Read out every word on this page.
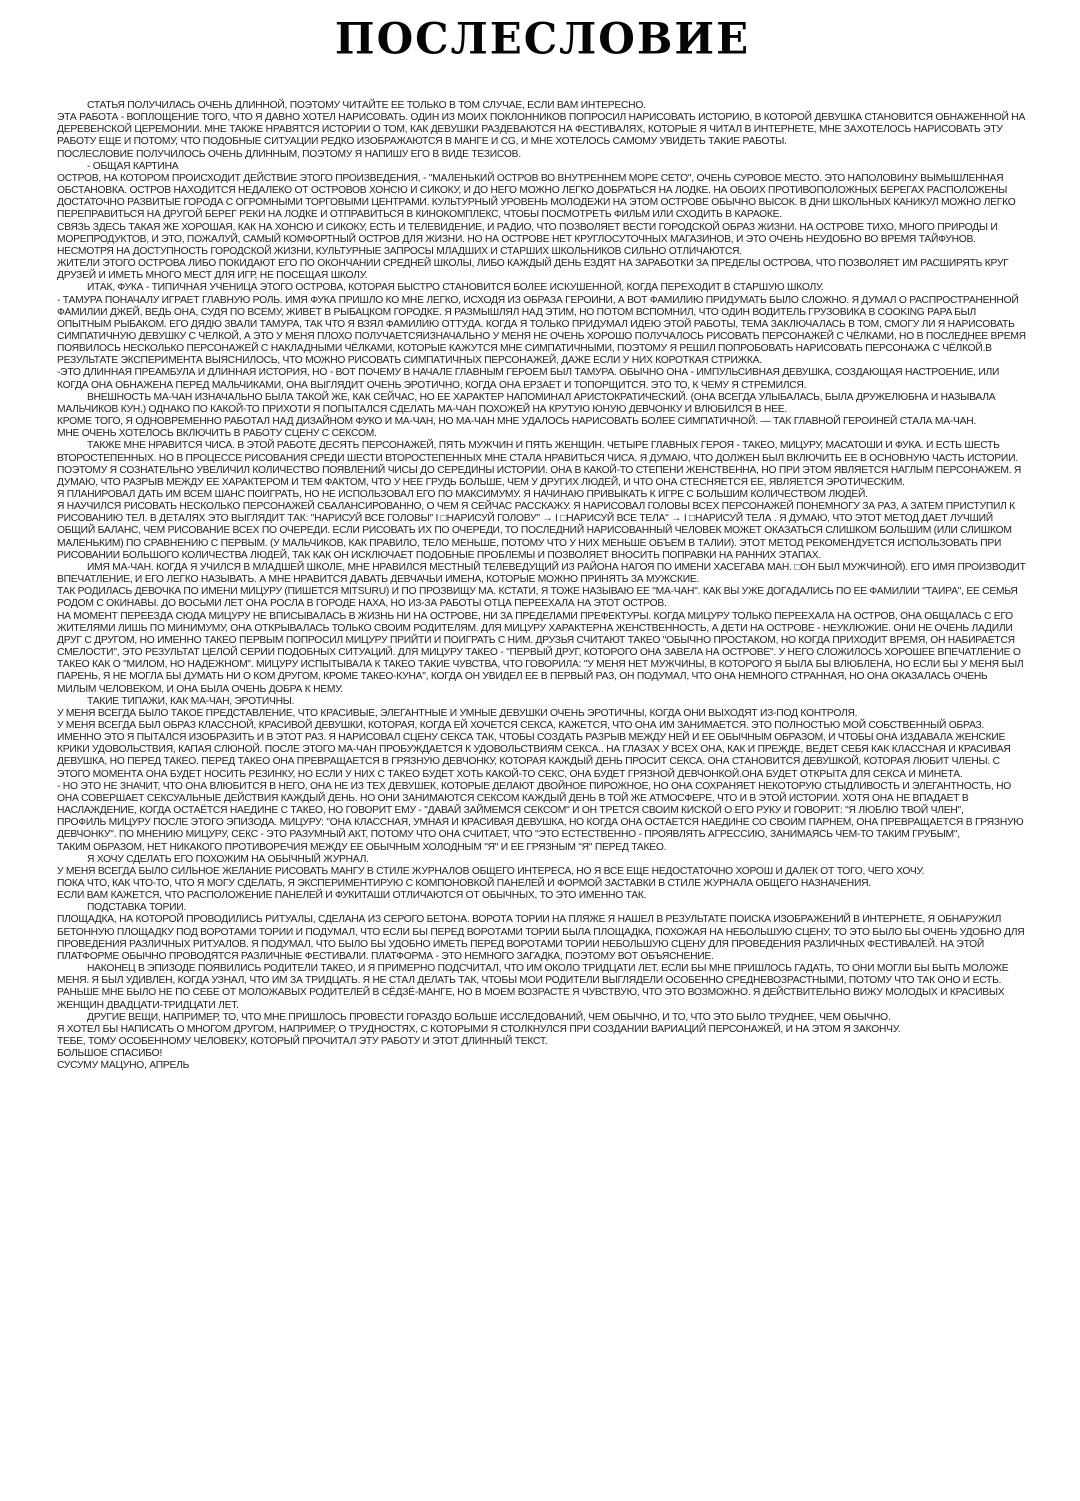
ПОСЛЕСЛОВИЕ
СТАТЬЯ ПОЛУЧИЛАСЬ ОЧЕНЬ ДЛИННОЙ, ПОЭТОМУ ЧИТАЙТЕ ЕЕ ТОЛЬКО В ТОМ СЛУЧАЕ, ЕСЛИ ВАМ ИНТЕРЕСНО.
ЭТА РАБОТА - ВОПЛОЩЕНИЕ ТОГО, ЧТО Я ДАВНО ХОТЕЛ НАРИСОВАТЬ. ОДИН ИЗ МОИХ ПОКЛОННИКОВ ПОПРОСИЛ НАРИСОВАТЬ ИСТОРИЮ, В КОТОРОЙ ДЕВУШКА СТАНОВИТСЯ ОБНАЖЕННОЙ НА ДЕРЕВЕНСКОЙ ЦЕРЕМОНИИ. МНЕ ТАКЖЕ НРАВЯТСЯ ИСТОРИИ О ТОМ, КАК ДЕВУШКИ РАЗДЕВАЮТСЯ НА ФЕСТИВАЛЯХ, КОТОРЫЕ Я ЧИТАЛ В ИНТЕРНЕТЕ, МНЕ ЗАХОТЕЛОСЬ НАРИСОВАТЬ ЭТУ РАБОТУ ЕЩЕ И ПОТОМУ, ЧТО ПОДОБНЫЕ СИТУАЦИИ РЕДКО ИЗОБРАЖАЮТСЯ В МАНГЕ И CG, И МНЕ ХОТЕЛОСЬ САМОМУ УВИДЕТЬ ТАКИЕ РАБОТЫ.
ПОСЛЕСЛОВИЕ ПОЛУЧИЛОСЬ ОЧЕНЬ ДЛИННЫМ, ПОЭТОМУ Я НАПИШУ ЕГО В ВИДЕ ТЕЗИСОВ.
- ОБЩАЯ КАРТИНА
ОСТРОВ, НА КОТОРОМ ПРОИСХОДИТ ДЕЙСТВИЕ ЭТОГО ПРОИЗВЕДЕНИЯ, - "МАЛЕНЬКИЙ ОСТРОВ ВО ВНУТРЕННЕМ МОРЕ СЕТО", ОЧЕНЬ СУРОВОЕ МЕСТО. ЭТО НАПОЛОВИНУ ВЫМЫШЛЕННАЯ ОБСТАНОВКА. ОСТРОВ НАХОДИТСЯ НЕДАЛЕКО ОТ ОСТРОВОВ ХОНСЮ И СИКОКУ, И ДО НЕГО МОЖНО ЛЕГКО ДОБРАТЬСЯ НА ЛОДКЕ. НА ОБОИХ ПРОТИВОПОЛОЖНЫХ БЕРЕГАХ РАСПОЛОЖЕНЫ ДОСТАТОЧНО РАЗВИТЫЕ ГОРОДА С ОГРОМНЫМИ ТОРГОВЫМИ ЦЕНТРАМИ. КУЛЬТУРНЫЙ УРОВЕНЬ МОЛОДЕЖИ НА ЭТОМ ОСТРОВЕ ОБЫЧНО ВЫСОК. В ДНИ ШКОЛЬНЫХ КАНИКУЛ МОЖНО ЛЕГКО ПЕРЕПРАВИТЬСЯ НА ДРУГОЙ БЕРЕГ РЕКИ НА ЛОДКЕ И ОТПРАВИТЬСЯ В КИНОКОМПЛЕКС, ЧТОБЫ ПОСМОТРЕТЬ ФИЛЬМ ИЛИ СХОДИТЬ В КАРАОКЕ.
СВЯЗЬ ЗДЕСЬ ТАКАЯ ЖЕ ХОРОШАЯ, КАК НА ХОНСЮ И СИКОКУ, ЕСТЬ И ТЕЛЕВИДЕНИЕ, И РАДИО, ЧТО ПОЗВОЛЯЕТ ВЕСТИ ГОРОДСКОЙ ОБРАЗ ЖИЗНИ. НА ОСТРОВЕ ТИХО, МНОГО ПРИРОДЫ И МОРЕПРОДУКТОВ, И ЭТО, ПОЖАЛУЙ, САМЫЙ КОМФОРТНЫЙ ОСТРОВ ДЛЯ ЖИЗНИ. НО НА ОСТРОВЕ НЕТ КРУГЛОСУТОЧНЫХ МАГАЗИНОВ, И ЭТО ОЧЕНЬ НЕУДОБНО ВО ВРЕМЯ ТАЙФУНОВ.
НЕСМОТРЯ НА ДОСТУПНОСТЬ ГОРОДСКОЙ ЖИЗНИ, КУЛЬТУРНЫЕ ЗАПРОСЫ МЛАДШИХ И СТАРШИХ ШКОЛЬНИКОВ СИЛЬНО ОТЛИЧАЮТСЯ.
ЖИТЕЛИ ЭТОГО ОСТРОВА ЛИБО ПОКИДАЮТ ЕГО ПО ОКОНЧАНИИ СРЕДНЕЙ ШКОЛЫ, ЛИБО КАЖДЫЙ ДЕНЬ ЕЗДЯТ НА ЗАРАБОТКИ ЗА ПРЕДЕЛЫ ОСТРОВА, ЧТО ПОЗВОЛЯЕТ ИМ РАСШИРЯТЬ КРУГ ДРУЗЕЙ И ИМЕТЬ МНОГО МЕСТ ДЛЯ ИГР, НЕ ПОСЕЩАЯ ШКОЛУ.
ИТАК, ФУКА - ТИПИЧНАЯ УЧЕНИЦА ЭТОГО ОСТРОВА, КОТОРАЯ БЫСТРО СТАНОВИТСЯ БОЛЕЕ ИСКУШЕННОЙ, КОГДА ПЕРЕХОДИТ В СТАРШУЮ ШКОЛУ.
- ТАМУРА ПОНАЧАЛУ ИГРАЕТ ГЛАВНУЮ РОЛЬ. ИМЯ ФУКА ПРИШЛО КО МНЕ ЛЕГКО, ИСХОДЯ ИЗ ОБРАЗА ГЕРОИНИ, А ВОТ ФАМИЛИЮ ПРИДУМАТЬ БЫЛО СЛОЖНО. Я ДУМАЛ О РАСПРОСТРАНЕННОЙ ФАМИЛИИ ДЖЕЙ, ВЕДЬ ОНА, СУДЯ ПО ВСЕМУ, ЖИВЕТ В РЫБАЦКОМ ГОРОДКЕ. Я РАЗМЫШЛЯЛ НАД ЭТИМ, НО ПОТОМ ВСПОМНИЛ, ЧТО ОДИН ВОДИТЕЛЬ ГРУЗОВИКА В COOKING PAPA БЫЛ ОПЫТНЫМ РЫБАКОМ. ЕГО ДЯДЮ ЗВАЛИ ТАМУРА, ТАК ЧТО Я ВЗЯЛ ФАМИЛИЮ ОТТУДА. КОГДА Я ТОЛЬКО ПРИДУМАЛ ИДЕЮ ЭТОЙ РАБОТЫ, ТЕМА ЗАКЛЮЧАЛАСЬ В ТОМ, СМОГУ ЛИ Я НАРИСОВАТЬ СИМПАТИЧНУЮ ДЕВУШКУ С ЧЕЛКОЙ, А ЭТО У МЕНЯ ПЛОХО ПОЛУЧАЕТСЯИЗНАЧАЛЬНО У МЕНЯ НЕ ОЧЕНЬ ХОРОШО ПОЛУЧАЛОСЬ РИСОВАТЬ ПЕРСОНАЖЕЙ С ЧЁЛКАМИ, НО В ПОСЛЕДНЕЕ ВРЕМЯ ПОЯВИЛОСЬ НЕСКОЛЬКО ПЕРСОНАЖЕЙ С НАКЛАДНЫМИ ЧЁЛКАМИ, КОТОРЫЕ КАЖУТСЯ МНЕ СИМПАТИЧНЫМИ, ПОЭТОМУ Я РЕШИЛ ПОПРОБОВАТЬ НАРИСОВАТЬ ПЕРСОНАЖА С ЧЁЛКОЙ.В РЕЗУЛЬТАТЕ ЭКСПЕРИМЕНТА ВЫЯСНИЛОСЬ, ЧТО МОЖНО РИСОВАТЬ СИМПАТИЧНЫХ ПЕРСОНАЖЕЙ, ДАЖЕ ЕСЛИ У НИХ КОРОТКАЯ СТРИЖКА.
-ЭТО ДЛИННАЯ ПРЕАМБУЛА И ДЛИННАЯ ИСТОРИЯ, НО - ВОТ ПОЧЕМУ В НАЧАЛЕ ГЛАВНЫМ ГЕРОЕМ БЫЛ ТАМУРА. ОБЫЧНО ОНА - ИМПУЛЬСИВНАЯ ДЕВУШКА, СОЗДАЮЩАЯ НАСТРОЕНИЕ, ИЛИ КОГДА ОНА ОБНАЖЕНА ПЕРЕД МАЛЬЧИКАМИ, ОНА ВЫГЛЯДИТ ОЧЕНЬ ЭРОТИЧНО, КОГДА ОНА ЕРЗАЕТ И ТОПОРЩИТСЯ. ЭТО ТО, К ЧЕМУ Я СТРЕМИЛСЯ.
ВНЕШНОСТЬ МА-ЧАН ИЗНАЧАЛЬНО БЫЛА ТАКОЙ ЖЕ, КАК СЕЙЧАС, НО ЕЕ ХАРАКТЕР НАПОМИНАЛ АРИСТОКРАТИЧЕСКИЙ. (ОНА ВСЕГДА УЛЫБАЛАСЬ, БЫЛА ДРУЖЕЛЮБНА И НАЗЫВАЛА МАЛЬЧИКОВ КУН.) ОДНАКО ПО КАКОЙ-ТО ПРИХОТИ Я ПОПЫТАЛСЯ СДЕЛАТЬ МА-ЧАН ПОХОЖЕЙ НА КРУТУЮ ЮНУЮ ДЕВЧОНКУ И ВЛЮБИЛСЯ В НЕЕ.
КРОМЕ ТОГО, Я ОДНОВРЕМЕННО РАБОТАЛ НАД ДИЗАЙНОМ ФУКО И МА-ЧАН, НО МА-ЧАН МНЕ УДАЛОСЬ НАРИСОВАТЬ БОЛЕЕ СИМПАТИЧНОЙ. — ТАК ГЛАВНОЙ ГЕРОИНЕЙ СТАЛА МА-ЧАН.
МНЕ ОЧЕНЬ ХОТЕЛОСЬ ВКЛЮЧИТЬ В РАБОТУ СЦЕНУ С СЕКСОМ.
ТАКЖЕ МНЕ НРАВИТСЯ ЧИСА. В ЭТОЙ РАБОТЕ ДЕСЯТЬ ПЕРСОНАЖЕЙ, ПЯТЬ МУЖЧИН И ПЯТЬ ЖЕНЩИН. ЧЕТЫРЕ ГЛАВНЫХ ГЕРОЯ - ТАКЕО, МИЦУРУ, МАСАТОШИ И ФУКА. И ЕСТЬ ШЕСТЬ ВТОРОСТЕПЕННЫХ. НО В ПРОЦЕССЕ РИСОВАНИЯ СРЕДИ ШЕСТИ ВТОРОСТЕПЕННЫХ МНЕ СТАЛА НРАВИТЬСЯ ЧИСА. Я ДУМАЮ, ЧТО ДОЛЖЕН БЫЛ ВКЛЮЧИТЬ ЕЕ В ОСНОВНУЮ ЧАСТЬ ИСТОРИИ.
ПОЭТОМУ Я СОЗНАТЕЛЬНО УВЕЛИЧИЛ КОЛИЧЕСТВО ПОЯВЛЕНИЙ ЧИСЫ ДО СЕРЕДИНЫ ИСТОРИИ. ОНА В КАКОЙ-ТО СТЕПЕНИ ЖЕНСТВЕННА, НО ПРИ ЭТОМ ЯВЛЯЕТСЯ НАГЛЫМ ПЕРСОНАЖЕМ. Я ДУМАЮ, ЧТО РАЗРЫВ МЕЖДУ ЕЕ ХАРАКТЕРОМ И ТЕМ ФАКТОМ, ЧТО У НЕЕ ГРУДЬ БОЛЬШЕ, ЧЕМ У ДРУГИХ ЛЮДЕЙ, И ЧТО ОНА СТЕСНЯЕТСЯ ЕЕ, ЯВЛЯЕТСЯ ЭРОТИЧЕСКИМ.
Я ПЛАНИРОВАЛ ДАТЬ ИМ ВСЕМ ШАНС ПОИГРАТЬ, НО НЕ ИСПОЛЬЗОВАЛ ЕГО ПО МАКСИМУМУ. Я НАЧИНАЮ ПРИВЫКАТЬ К ИГРЕ С БОЛЬШИМ КОЛИЧЕСТВОМ ЛЮДЕЙ.
Я НАУЧИЛСЯ РИСОВАТЬ НЕСКОЛЬКО ПЕРСОНАЖЕЙ СБАЛАНСИРОВАННО, О ЧЕМ Я СЕЙЧАС РАССКАЖУ. Я НАРИСОВАЛ ГОЛОВЫ ВСЕХ ПЕРСОНАЖЕЙ ПОНЕМНОГУ ЗА РАЗ, А ЗАТЕМ ПРИСТУПИЛ К РИСОВАНИЮ ТЕЛ. В ДЕТАЛЯХ ЭТО ВЫГЛЯДИТ ТАК: "НАРИСУЙ ВСЕ ГОЛОВЫ" I □НАРИСУЙ ГОЛОВУ" → I □НАРИСУЙ ВСЕ ТЕЛА" → I □НАРИСУЙ ТЕЛА . Я ДУМАЮ, ЧТО ЭТОТ МЕТОД ДАЕТ ЛУЧШИЙ ОБЩИЙ БАЛАНС, ЧЕМ РИСОВАНИЕ ВСЕХ ПО ОЧЕРЕДИ. ЕСЛИ РИСОВАТЬ ИХ ПО ОЧЕРЕДИ, ТО ПОСЛЕДНИЙ НАРИСОВАННЫЙ ЧЕЛОВЕК МОЖЕТ ОКАЗАТЬСЯ СЛИШКОМ БОЛЬШИМ (ИЛИ СЛИШКОМ МАЛЕНЬКИМ) ПО СРАВНЕНИЮ С ПЕРВЫМ. (У МАЛЬЧИКОВ, КАК ПРАВИЛО, ТЕЛО МЕНЬШЕ, ПОТОМУ ЧТО У НИХ МЕНЬШЕ ОБЪЕМ В ТАЛИИ). ЭТОТ МЕТОД РЕКОМЕНДУЕТСЯ ИСПОЛЬЗОВАТЬ ПРИ РИСОВАНИИ БОЛЬШОГО КОЛИЧЕСТВА ЛЮДЕЙ, ТАК КАК ОН ИСКЛЮЧАЕТ ПОДОБНЫЕ ПРОБЛЕМЫ И ПОЗВОЛЯЕТ ВНОСИТЬ ПОПРАВКИ НА РАННИХ ЭТАПАХ.
ИМЯ МА-ЧАН. КОГДА Я УЧИЛСЯ В МЛАДШЕЙ ШКОЛЕ, МНЕ НРАВИЛСЯ МЕСТНЫЙ ТЕЛЕВЕДУЩИЙ ИЗ РАЙОНА НАГОЯ ПО ИМЕНИ ХАСЕГАВА МАН. □ОН БЫЛ МУЖЧИНОЙ). ЕГО ИМЯ ПРОИЗВОДИТ ВПЕЧАТЛЕНИЕ, И ЕГО ЛЕГКО НАЗЫВАТЬ. А МНЕ НРАВИТСЯ ДАВАТЬ ДЕВЧАЧЬИ ИМЕНА, КОТОРЫЕ МОЖНО ПРИНЯТЬ ЗА МУЖСКИЕ.
ТАК РОДИЛАСЬ ДЕВОЧКА ПО ИМЕНИ МИЦУРУ (ПИШЕТСЯ MITSURU) И ПО ПРОЗВИЩУ МА. КСТАТИ, Я ТОЖЕ НАЗЫВАЮ ЕЕ "МА-ЧАН". КАК ВЫ УЖЕ ДОГАДАЛИСЬ ПО ЕЕ ФАМИЛИИ "ТАИРА", ЕЕ СЕМЬЯ РОДОМ С ОКИНАВЫ. ДО ВОСЬМИ ЛЕТ ОНА РОСЛА В ГОРОДЕ НАХА, НО ИЗ-ЗА РАБОТЫ ОТЦА ПЕРЕЕХАЛА НА ЭТОТ ОСТРОВ.
НА МОМЕНТ ПЕРЕЕЗДА СЮДА МИЦУРУ НЕ ВПИСЫВАЛАСЬ В ЖИЗНЬ НИ НА ОСТРОВЕ, НИ ЗА ПРЕДЕЛАМИ ПРЕФЕКТУРЫ. КОГДА МИЦУРУ ТОЛЬКО ПЕРЕЕХАЛА НА ОСТРОВ, ОНА ОБЩАЛАСЬ С ЕГО ЖИТЕЛЯМИ ЛИШЬ ПО МИНИМУМУ, ОНА ОТКРЫВАЛАСЬ ТОЛЬКО СВОИМ РОДИТЕЛЯМ. ДЛЯ МИЦУРУ ХАРАКТЕРНА ЖЕНСТВЕННОСТЬ, А ДЕТИ НА ОСТРОВЕ - НЕУКЛЮЖИЕ. ОНИ НЕ ОЧЕНЬ ЛАДИЛИ ДРУГ С ДРУГОМ, НО ИМЕННО ТАКЕО ПЕРВЫМ ПОПРОСИЛ МИЦУРУ ПРИЙТИ И ПОИГРАТЬ С НИМ. ДРУЗЬЯ СЧИТАЮТ ТАКЕО "ОБЫЧНО ПРОСТАКОМ, НО КОГДА ПРИХОДИТ ВРЕМЯ, ОН НАБИРАЕТСЯ СМЕЛОСТИ", ЭТО РЕЗУЛЬТАТ ЦЕЛОЙ СЕРИИ ПОДОБНЫХ СИТУАЦИЙ. ДЛЯ МИЦУРУ ТАКЕО - "ПЕРВЫЙ ДРУГ, КОТОРОГО ОНА ЗАВЕЛА НА ОСТРОВЕ". У НЕГО СЛОЖИЛОСЬ ХОРОШЕЕ ВПЕЧАТЛЕНИЕ О ТАКЕО КАК О "МИЛОМ, НО НАДЕЖНОМ". МИЦУРУ ИСПЫТЫВАЛА К ТАКЕО ТАКИЕ ЧУВСТВА, ЧТО ГОВОРИЛА: "У МЕНЯ НЕТ МУЖЧИНЫ, В КОТОРОГО Я БЫЛА БЫ ВЛЮБЛЕНА, НО ЕСЛИ БЫ У МЕНЯ БЫЛ ПАРЕНЬ, Я НЕ МОГЛА БЫ ДУМАТЬ НИ О КОМ ДРУГОМ, КРОМЕ ТАКЕО-КУНА", КОГДА ОН УВИДЕЛ ЕЕ В ПЕРВЫЙ РАЗ, ОН ПОДУМАЛ, ЧТО ОНА НЕМНОГО СТРАННАЯ, НО ОНА ОКАЗАЛАСЬ ОЧЕНЬ МИЛЫМ ЧЕЛОВЕКОМ, И ОНА БЫЛА ОЧЕНЬ ДОБРА К НЕМУ.
ТАКИЕ ТИПАЖИ, КАК МА-ЧАН, ЭРОТИЧНЫ.
У МЕНЯ ВСЕГДА БЫЛО ТАКОЕ ПРЕДСТАВЛЕНИЕ, ЧТО КРАСИВЫЕ, ЭЛЕГАНТНЫЕ И УМНЫЕ ДЕВУШКИ ОЧЕНЬ ЭРОТИЧНЫ, КОГДА ОНИ ВЫХОДЯТ ИЗ-ПОД КОНТРОЛЯ.
У МЕНЯ ВСЕГДА БЫЛ ОБРАЗ КЛАССНОЙ, КРАСИВОЙ ДЕВУШКИ, КОТОРАЯ, КОГДА ЕЙ ХОЧЕТСЯ СЕКСА, КАЖЕТСЯ, ЧТО ОНА ИМ ЗАНИМАЕТСЯ. ЭТО ПОЛНОСТЬЮ МОЙ СОБСТВЕННЫЙ ОБРАЗ. ИМЕННО ЭТО Я ПЫТАЛСЯ ИЗОБРАЗИТЬ И В ЭТОТ РАЗ. Я НАРИСОВАЛ СЦЕНУ СЕКСА ТАК, ЧТОБЫ СОЗДАТЬ РАЗРЫВ МЕЖДУ НЕЙ И ЕЕ ОБЫЧНЫМ ОБРАЗОМ, И ЧТОБЫ ОНА ИЗДАВАЛА ЖЕНСКИЕ КРИКИ УДОВОЛЬСТВИЯ, КАПАЯ СЛЮНОЙ. ПОСЛЕ ЭТОГО МА-ЧАН ПРОБУЖДАЕТСЯ К УДОВОЛЬСТВИЯМ СЕКСА.. НА ГЛАЗАХ У ВСЕХ ОНА, КАК И ПРЕЖДЕ, ВЕДЕТ СЕБЯ КАК КЛАССНАЯ И КРАСИВАЯ ДЕВУШКА, НО ПЕРЕД ТАКЕО. ПЕРЕД ТАКЕО ОНА ПРЕВРАЩАЕТСЯ В ГРЯЗНУЮ ДЕВЧОНКУ, КОТОРАЯ КАЖДЫЙ ДЕНЬ ПРОСИТ СЕКСА. ОНА СТАНОВИТСЯ ДЕВУШКОЙ, КОТОРАЯ ЛЮБИТ ЧЛЕНЫ. С ЭТОГО МОМЕНТА ОНА БУДЕТ НОСИТЬ РЕЗИНКУ, НО ЕСЛИ У НИХ С ТАКЕО БУДЕТ ХОТЬ КАКОЙ-ТО СЕКС, ОНА БУДЕТ ГРЯЗНОЙ ДЕВЧОНКОЙ.ОНА БУДЕТ ОТКРЫТА ДЛЯ СЕКСА И МИНЕТА.
- НО ЭТО НЕ ЗНАЧИТ, ЧТО ОНА ВЛЮБИТСЯ В НЕГО, ОНА НЕ ИЗ ТЕХ ДЕВУШЕК, КОТОРЫЕ ДЕЛАЮТ ДВОЙНОЕ ПИРОЖНОЕ, НО ОНА СОХРАНЯЕТ НЕКОТОРУЮ СТЫДЛИВОСТЬ И ЭЛЕГАНТНОСТЬ, НО ОНА СОВЕРШАЕТ СЕКСУАЛЬНЫЕ ДЕЙСТВИЯ КАЖДЫЙ ДЕНЬ. НО ОНИ ЗАНИМАЮТСЯ СЕКСОМ КАЖДЫЙ ДЕНЬ В ТОЙ ЖЕ АТМОСФЕРЕ, ЧТО И В ЭТОЙ ИСТОРИИ. ХОТЯ ОНА НЕ ВПАДАЕТ В НАСЛАЖДЕНИЕ, КОГДА ОСТАЁТСЯ НАЕДИНЕ С ТАКЕО, НО ГОВОРИТ ЕМУ - "ДАВАЙ ЗАЙМЕМСЯ СЕКСОМ" И ОН ТРЕТСЯ СВОИМ КИСКОЙ О ЕГО РУКУ И ГОВОРИТ: "Я ЛЮБЛЮ ТВОЙ ЧЛЕН",
ПРОФИЛЬ МИЦУРУ ПОСЛЕ ЭТОГО ЭПИЗОДА. МИЦУРУ: "ОНА КЛАССНАЯ, УМНАЯ И КРАСИВАЯ ДЕВУШКА, НО КОГДА ОНА ОСТАЕТСЯ НАЕДИНЕ СО СВОИМ ПАРНЕМ, ОНА ПРЕВРАЩАЕТСЯ В ГРЯЗНУЮ ДЕВЧОНКУ". ПО МНЕНИЮ МИЦУРУ, СЕКС - ЭТО РАЗУМНЫЙ АКТ, ПОТОМУ ЧТО ОНА СЧИТАЕТ, ЧТО "ЭТО ЕСТЕСТВЕННО - ПРОЯВЛЯТЬ АГРЕССИЮ, ЗАНИМАЯСЬ ЧЕМ-ТО ТАКИМ ГРУБЫМ",
ТАКИМ ОБРАЗОМ, НЕТ НИКАКОГО ПРОТИВОРЕЧИЯ МЕЖДУ ЕЕ ОБЫЧНЫМ ХОЛОДНЫМ "Я" И ЕЕ ГРЯЗНЫМ "Я" ПЕРЕД ТАКЕО.
Я ХОЧУ СДЕЛАТЬ ЕГО ПОХОЖИМ НА ОБЫЧНЫЙ ЖУРНАЛ.
У МЕНЯ ВСЕГДА БЫЛО СИЛЬНОЕ ЖЕЛАНИЕ РИСОВАТЬ МАНГУ В СТИЛЕ ЖУРНАЛОВ ОБЩЕГО ИНТЕРЕСА, НО Я ВСЕ ЕЩЕ НЕДОСТАТОЧНО ХОРОШ И ДАЛЕК ОТ ТОГО, ЧЕГО ХОЧУ.
ПОКА ЧТО, КАК ЧТО-ТО, ЧТО Я МОГУ СДЕЛАТЬ, Я ЭКСПЕРИМЕНТИРУЮ С КОМПОНОВКОЙ ПАНЕЛЕЙ И ФОРМОЙ ЗАСТАВКИ В СТИЛЕ ЖУРНАЛА ОБЩЕГО НАЗНАЧЕНИЯ.
ЕСЛИ ВАМ КАЖЕТСЯ, ЧТО РАСПОЛОЖЕНИЕ ПАНЕЛЕЙ И ФУКИТАШИ ОТЛИЧАЮТСЯ ОТ ОБЫЧНЫХ, ТО ЭТО ИМЕННО ТАК.
ПОДСТАВКА ТОРИИ.
ПЛОЩАДКА, НА КОТОРОЙ ПРОВОДИЛИСЬ РИТУАЛЫ, СДЕЛАНА ИЗ СЕРОГО БЕТОНА. ВОРОТА ТОРИИ НА ПЛЯЖЕ Я НАШЕЛ В РЕЗУЛЬТАТЕ ПОИСКА ИЗОБРАЖЕНИЙ В ИНТЕРНЕТЕ, Я ОБНАРУЖИЛ БЕТОННУЮ ПЛОЩАДКУ ПОД ВОРОТАМИ ТОРИИ И ПОДУМАЛ, ЧТО ЕСЛИ БЫ ПЕРЕД ВОРОТАМИ ТОРИИ БЫЛА ПЛОЩАДКА, ПОХОЖАЯ НА НЕБОЛЬШУЮ СЦЕНУ, ТО ЭТО БЫЛО БЫ ОЧЕНЬ УДОБНО ДЛЯ ПРОВЕДЕНИЯ РАЗЛИЧНЫХ РИТУАЛОВ. Я ПОДУМАЛ, ЧТО БЫЛО БЫ УДОБНО ИМЕТЬ ПЕРЕД ВОРОТАМИ ТОРИИ НЕБОЛЬШУЮ СЦЕНУ ДЛЯ ПРОВЕДЕНИЯ РАЗЛИЧНЫХ ФЕСТИВАЛЕЙ. НА ЭТОЙ ПЛАТФОРМЕ ОБЫЧНО ПРОВОДЯТСЯ РАЗЛИЧНЫЕ ФЕСТИВАЛИ. ПЛАТФОРМА - ЭТО НЕМНОГО ЗАГАДКА, ПОЭТОМУ ВОТ ОБЪЯСНЕНИЕ.
НАКОНЕЦ В ЭПИЗОДЕ ПОЯВИЛИСЬ РОДИТЕЛИ ТАКЕО, И Я ПРИМЕРНО ПОДСЧИТАЛ, ЧТО ИМ ОКОЛО ТРИДЦАТИ ЛЕТ. ЕСЛИ БЫ МНЕ ПРИШЛОСЬ ГАДАТЬ, ТО ОНИ МОГЛИ БЫ БЫТЬ МОЛОЖЕ МЕНЯ. Я БЫЛ УДИВЛЕН, КОГДА УЗНАЛ, ЧТО ИМ ЗА ТРИДЦАТЬ. Я НЕ СТАЛ ДЕЛАТЬ ТАК, ЧТОБЫ МОИ РОДИТЕЛИ ВЫГЛЯДЕЛИ ОСОБЕННО СРЕДНЕВОЗРАСТНЫМИ, ПОТОМУ ЧТО ТАК ОНО И ЕСТЬ.
РАНЬШЕ МНЕ БЫЛО НЕ ПО СЕБЕ ОТ МОЛОЖАВЫХ РОДИТЕЛЕЙ В СЁДЗЁ-МАНГЕ, НО В МОЕМ ВОЗРАСТЕ Я ЧУВСТВУЮ, ЧТО ЭТО ВОЗМОЖНО. Я ДЕЙСТВИТЕЛЬНО ВИЖУ МОЛОДЫХ И КРАСИВЫХ ЖЕНЩИН ДВАДЦАТИ-ТРИДЦАТИ ЛЕТ.
ДРУГИЕ ВЕЩИ, НАПРИМЕР, ТО, ЧТО МНЕ ПРИШЛОСЬ ПРОВЕСТИ ГОРАЗДО БОЛЬШЕ ИССЛЕДОВАНИЙ, ЧЕМ ОБЫЧНО, И ТО, ЧТО ЭТО БЫЛО ТРУДНЕЕ, ЧЕМ ОБЫЧНО.
Я ХОТЕЛ БЫ НАПИСАТЬ О МНОГОМ ДРУГОМ, НАПРИМЕР, О ТРУДНОСТЯХ, С КОТОРЫМИ Я СТОЛКНУЛСЯ ПРИ СОЗДАНИИ ВАРИАЦИЙ ПЕРСОНАЖЕЙ, И НА ЭТОМ Я ЗАКОНЧУ.
ТЕБЕ, ТОМУ ОСОБЕННОМУ ЧЕЛОВЕКУ, КОТОРЫЙ ПРОЧИТАЛ ЭТУ РАБОТУ И ЭТОТ ДЛИННЫЙ ТЕКСТ.
БОЛЬШОЕ СПАСИБО!
СУСУМУ МАЦУНО, АПРЕЛЬ
